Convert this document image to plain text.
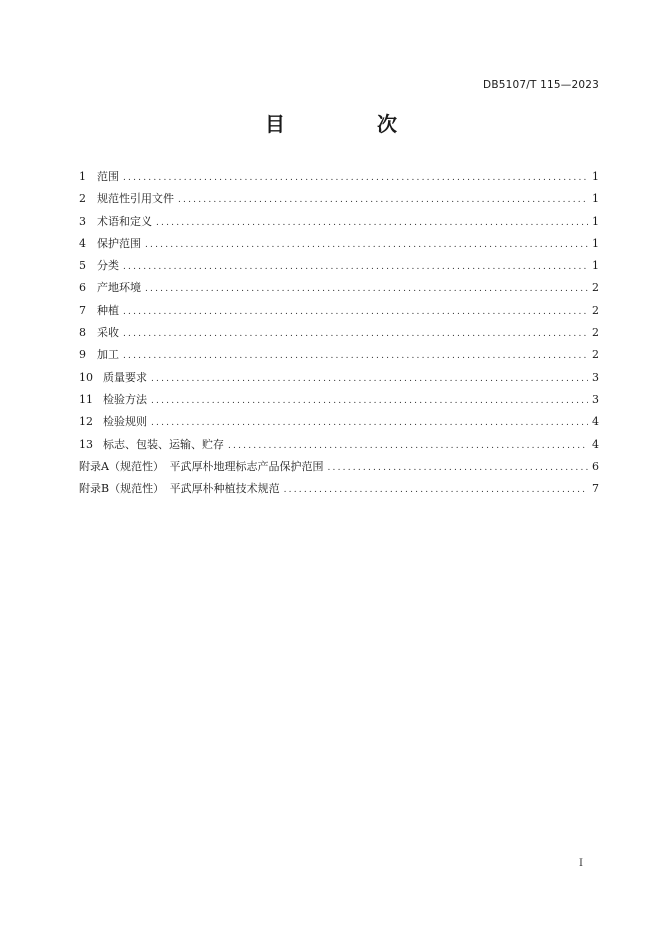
DB5107/T 115—2023
目　次
1	范围 .....	1
2	规范性引用文件 .....	1
3	术语和定义 .....	1
4	保护范围 .....	1
5	分类 .....	1
6	产地环境 .....	2
7	种植 .....	2
8	采收 .....	2
9	加工 .....	2
10 质量要求 .....	3
11 检验方法 .....	3
12 检验规则 .....	4
13 标志、包装、运输、贮存 .....	4
附录A（规范性）　平武厚朴地理标志产品保护范围 .....	6
附录B（规范性）　平武厚朴种植技术规范 .....	7
I
